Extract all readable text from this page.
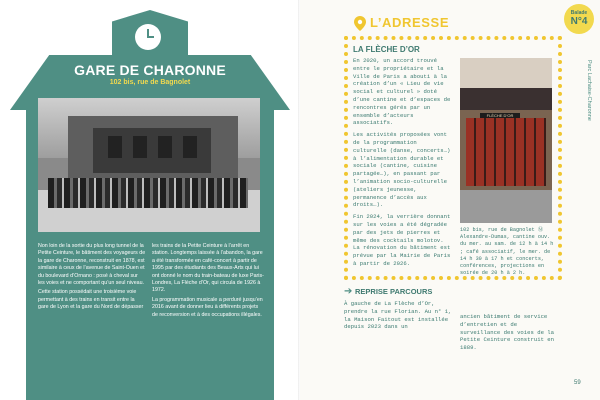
GARE DE CHARONNE
102 bis, rue de Bagnolet

Non loin de la sortie du plus long tunnel de la Petite Ceinture, le bâtiment des voyageurs de la gare de Charonne, reconstruit en 1878, est similaire à ceux de l’avenue de Saint-Ouen et du boulevard d’Ornano : posé à cheval sur les voies et ne comportant qu’un seul niveau.

Cette station possédait une troisième voie permettant à des trains en transit entre la gare de Lyon et la gare du Nord de dépasser

les trains de la Petite Ceinture à l’arrêt en station. Longtemps laissée à l’abandon, la gare a été transformée en café-concert à partir de 1995 par des étudiants des Beaux-Arts qui lui ont donné le nom du train-bateau de luxe Paris-Londres, La Flèche d’Or, qui circula de 1926 à 1972.

La programmation musicale a perduré jusqu’en 2016 avant de donner lieu à différents projets de reconversion et à des occupations illégales.

L’ADRESSE
Balade
N°4
Parc Lachaise-Charonne
LA FLÈCHE D’OR

En 2020, un accord trouvé entre le propriétaire et la Ville de Paris a abouti à la création d’un « Lieu de vie social et culturel » doté d’une cantine et d’espaces de rencontres gérés par un ensemble d’acteurs associatifs.

Les activités proposées vont de la programmation culturelle (danse, concerts…) à l’alimentation durable et sociale (cantine, cuisine partagée…), en passant par l’animation socio-culturelle (ateliers jeunesse, permanence d’accès aux droits…).

Fin 2024, la verrière donnant sur les voies a été dégradée par des jets de pierres et même des cocktails molotov. La rénovation du bâtiment est prévue par la Mairie de Paris à partir de 2026.

FLÈCHE D’OR
102 bis, rue de Bagnolet Ⓜ Alexandre-Dumas, cantine ouv. du mer. au sam. de 12 h à 14 h ; café associatif, le mer. de 14 h 30 à 17 h et concerts, conférences, projections en soirée de 20 h à 2 h.
➔ REPRISE PARCOURS
À gauche de La Flèche d’Or, prendre la rue Florian. Au n° 1, la Maison Faitout est installée depuis 2023 dans un
ancien bâtiment de service d’entretien et de surveillance des voies de la Petite Ceinture construit en 1889.
59
